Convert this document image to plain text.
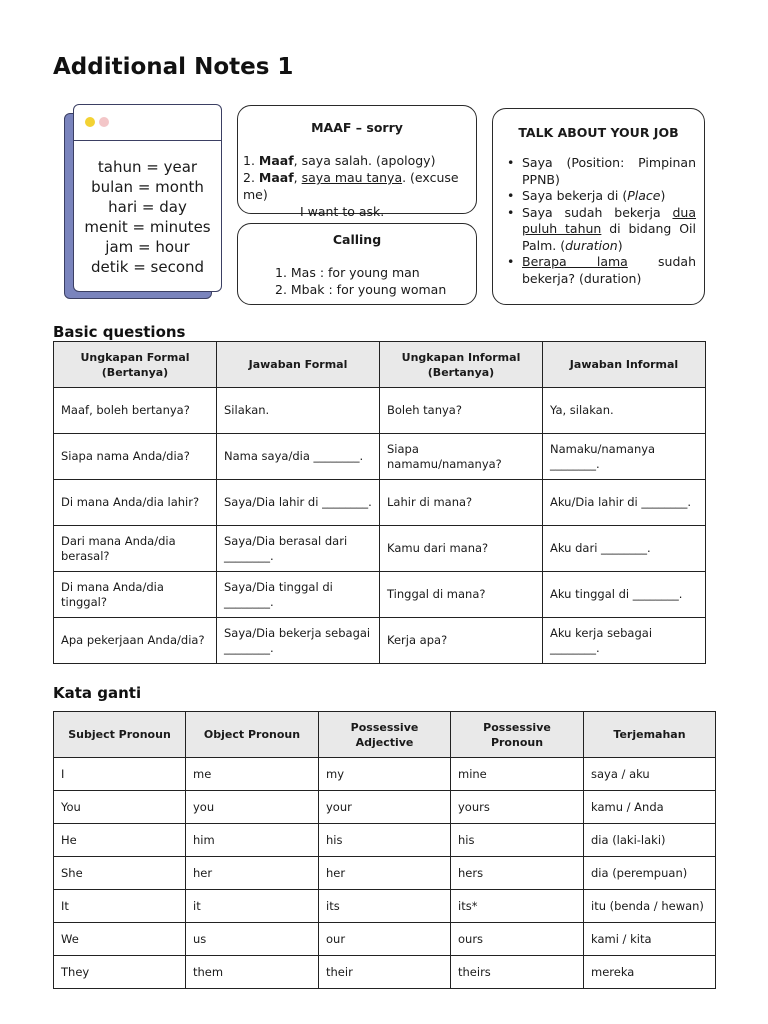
Additional Notes 1
tahun = year
bulan = month
hari = day
menit = minutes
jam = hour
detik = second
MAAF – sorry
1. Maaf, saya salah. (apology)
2. Maaf, saya mau tanya. (excuse me)
I want to ask.
Calling
1. Mas : for young man
2. Mbak : for young woman
TALK ABOUT YOUR JOB
• Saya (Position: Pimpinan PPNB)
• Saya bekerja di (Place)
• Saya sudah bekerja dua puluh tahun di bidang Oil Palm. (duration)
• Berapa lama sudah bekerja? (duration)
Basic questions
Ungkapan Formal (Bertanya)	Jawaban Formal	Ungkapan Informal (Bertanya)	Jawaban Informal
Maaf, boleh bertanya?	Silakan.	Boleh tanya?	Ya, silakan.
Siapa nama Anda/dia?	Nama saya/dia ________.	Siapa namamu/namanya?	Namaku/namanya ________.
Di mana Anda/dia lahir?	Saya/Dia lahir di ________.	Lahir di mana?	Aku/Dia lahir di ________.
Dari mana Anda/dia berasal?	Saya/Dia berasal dari ________.	Kamu dari mana?	Aku dari ________.
Di mana Anda/dia tinggal?	Saya/Dia tinggal di ________.	Tinggal di mana?	Aku tinggal di ________.
Apa pekerjaan Anda/dia?	Saya/Dia bekerja sebagai ________.	Kerja apa?	Aku kerja sebagai ________.
Kata ganti
Subject Pronoun	Object Pronoun	Possessive Adjective	Possessive Pronoun	Terjemahan
I	me	my	mine	saya / aku
You	you	your	yours	kamu / Anda
He	him	his	his	dia (laki-laki)
She	her	her	hers	dia (perempuan)
It	it	its	its*	itu (benda / hewan)
We	us	our	ours	kami / kita
They	them	their	theirs	mereka
